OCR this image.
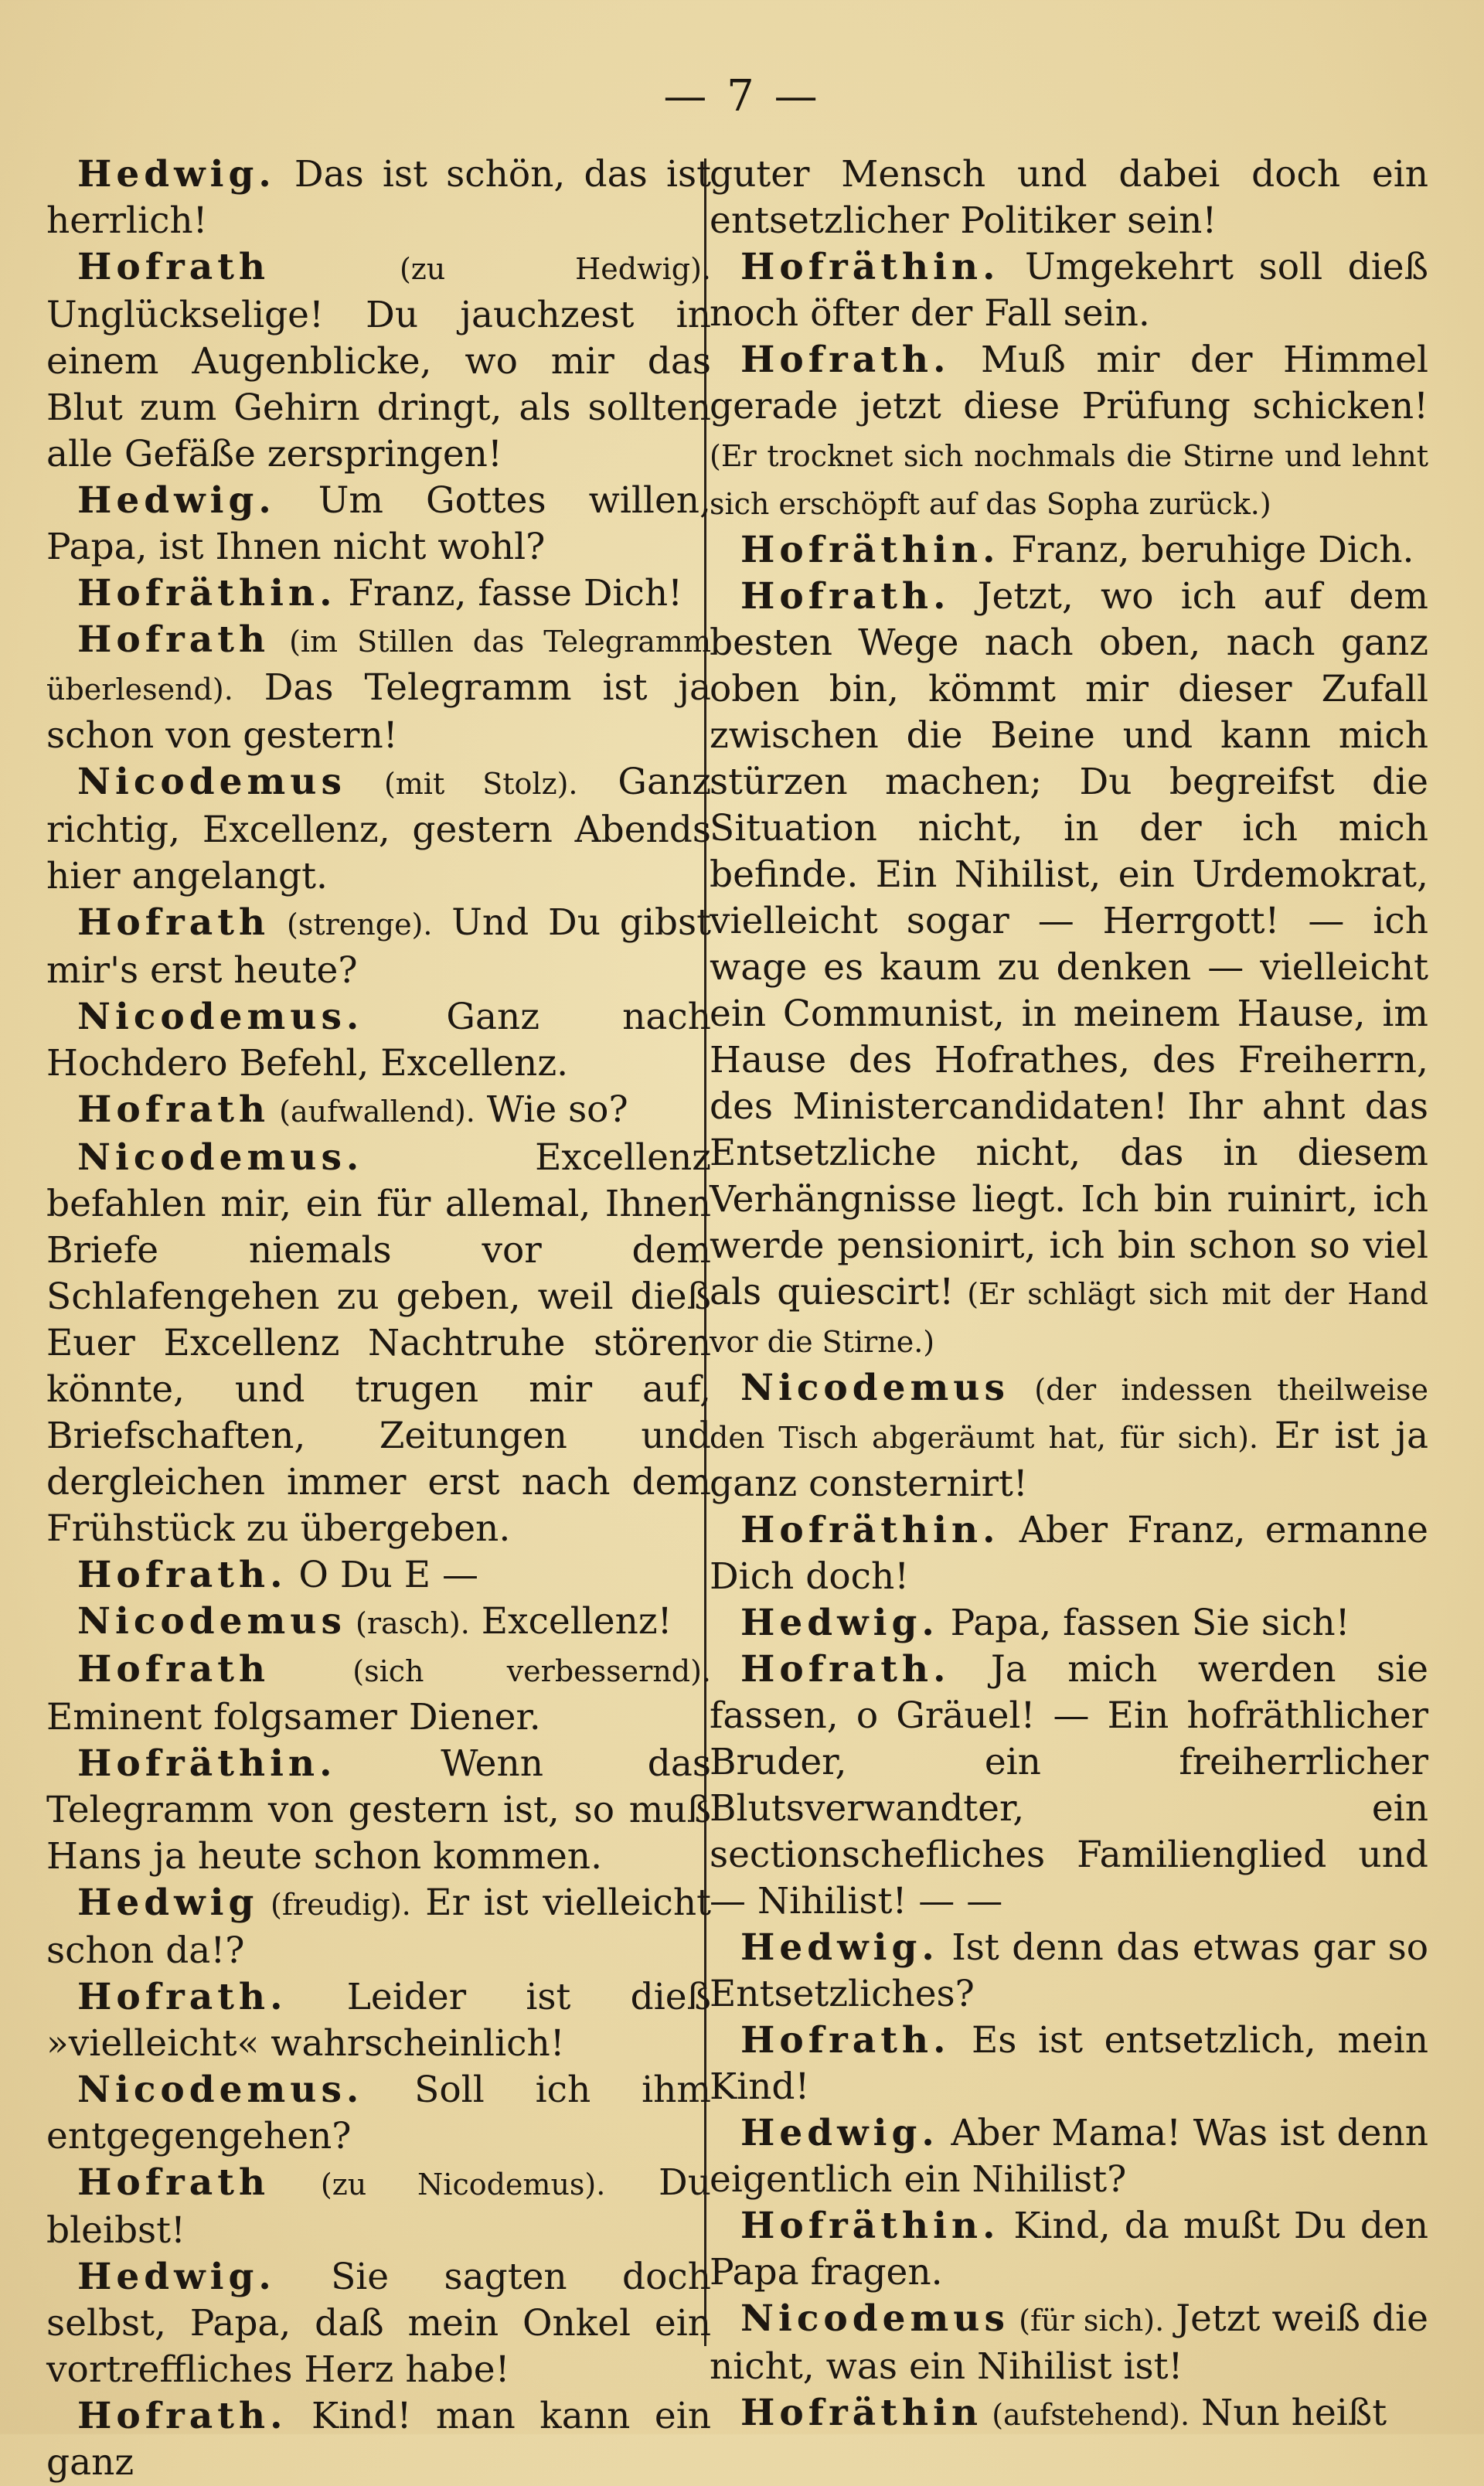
— 7 —

Hedwig. Das ist schön, das ist herrlich!

Hofrath (zu Hedwig). Unglückselige! Du jauchzest in einem Augenblicke, wo mir das Blut zum Gehirn dringt, als sollten alle Gefäße zerspringen!

Hedwig. Um Gottes willen, Papa, ist Ihnen nicht wohl?

Hofräthin. Franz, fasse Dich!

Hofrath (im Stillen das Telegramm überlesend). Das Telegramm ist ja schon von gestern!

Nicodemus (mit Stolz). Ganz richtig, Excellenz, gestern Abends hier angelangt.

Hofrath (strenge). Und Du gibst mir's erst heute?

Nicodemus. Ganz nach Hochdero Befehl, Excellenz.

Hofrath (aufwallend). Wie so?

Nicodemus. Excellenz befahlen mir, ein für allemal, Ihnen Briefe niemals vor dem Schlafengehen zu geben, weil dieß Euer Excellenz Nachtruhe stören könnte, und trugen mir auf, Briefschaften, Zeitungen und dergleichen immer erst nach dem Frühstück zu übergeben.

Hofrath. O Du E —

Nicodemus (rasch). Excellenz!

Hofrath (sich verbessernd). Eminent folgsamer Diener.

Hofräthin. Wenn das Telegramm von gestern ist, so muß Hans ja heute schon kommen.

Hedwig (freudig). Er ist vielleicht schon da!?

Hofrath. Leider ist dieß »vielleicht« wahrscheinlich!

Nicodemus. Soll ich ihm entgegengehen?

Hofrath (zu Nicodemus). Du bleibst!

Hedwig. Sie sagten doch selbst, Papa, daß mein Onkel ein vortreffliches Herz habe!

Hofrath. Kind! man kann ein ganz

guter Mensch und dabei doch ein entsetzlicher Politiker sein!

Hofräthin. Umgekehrt soll dieß noch öfter der Fall sein.

Hofrath. Muß mir der Himmel gerade jetzt diese Prüfung schicken! (Er trocknet sich nochmals die Stirne und lehnt sich erschöpft auf das Sopha zurück.)

Hofräthin. Franz, beruhige Dich.

Hofrath. Jetzt, wo ich auf dem besten Wege nach oben, nach ganz oben bin, kömmt mir dieser Zufall zwischen die Beine und kann mich stürzen machen; Du begreifst die Situation nicht, in der ich mich befinde. Ein Nihilist, ein Urdemokrat, vielleicht sogar — Herrgott! — ich wage es kaum zu denken — vielleicht ein Communist, in meinem Hause, im Hause des Hofrathes, des Freiherrn, des Ministercandidaten! Ihr ahnt das Entsetzliche nicht, das in diesem Verhängnisse liegt. Ich bin ruinirt, ich werde pensionirt, ich bin schon so viel als quiescirt! (Er schlägt sich mit der Hand vor die Stirne.)

Nicodemus (der indessen theilweise den Tisch abgeräumt hat, für sich). Er ist ja ganz consternirt!

Hofräthin. Aber Franz, ermanne Dich doch!

Hedwig. Papa, fassen Sie sich!

Hofrath. Ja mich werden sie fassen, o Gräuel! — Ein hofräthlicher Bruder, ein freiherrlicher Blutsverwandter, ein sectionschefliches Familienglied und — Nihilist! — —

Hedwig. Ist denn das etwas gar so Entsetzliches?

Hofrath. Es ist entsetzlich, mein Kind!

Hedwig. Aber Mama! Was ist denn eigentlich ein Nihilist?

Hofräthin. Kind, da mußt Du den Papa fragen.

Nicodemus (für sich). Jetzt weiß die nicht, was ein Nihilist ist!

Hofräthin (aufstehend). Nun heißt
